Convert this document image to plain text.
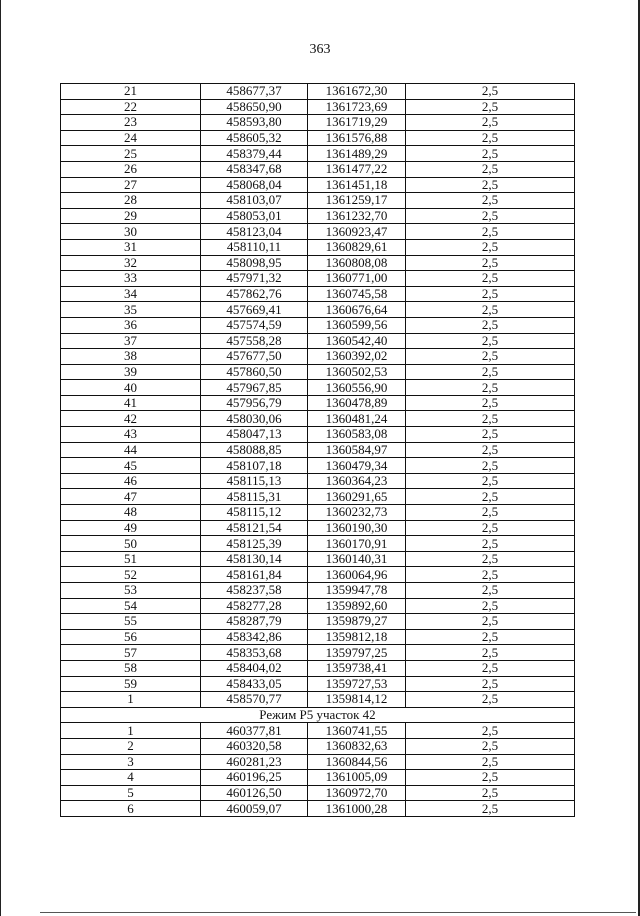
363
21	458677,37	1361672,30	2,5
22	458650,90	1361723,69	2,5
23	458593,80	1361719,29	2,5
24	458605,32	1361576,88	2,5
25	458379,44	1361489,29	2,5
26	458347,68	1361477,22	2,5
27	458068,04	1361451,18	2,5
28	458103,07	1361259,17	2,5
29	458053,01	1361232,70	2,5
30	458123,04	1360923,47	2,5
31	458110,11	1360829,61	2,5
32	458098,95	1360808,08	2,5
33	457971,32	1360771,00	2,5
34	457862,76	1360745,58	2,5
35	457669,41	1360676,64	2,5
36	457574,59	1360599,56	2,5
37	457558,28	1360542,40	2,5
38	457677,50	1360392,02	2,5
39	457860,50	1360502,53	2,5
40	457967,85	1360556,90	2,5
41	457956,79	1360478,89	2,5
42	458030,06	1360481,24	2,5
43	458047,13	1360583,08	2,5
44	458088,85	1360584,97	2,5
45	458107,18	1360479,34	2,5
46	458115,13	1360364,23	2,5
47	458115,31	1360291,65	2,5
48	458115,12	1360232,73	2,5
49	458121,54	1360190,30	2,5
50	458125,39	1360170,91	2,5
51	458130,14	1360140,31	2,5
52	458161,84	1360064,96	2,5
53	458237,58	1359947,78	2,5
54	458277,28	1359892,60	2,5
55	458287,79	1359879,27	2,5
56	458342,86	1359812,18	2,5
57	458353,68	1359797,25	2,5
58	458404,02	1359738,41	2,5
59	458433,05	1359727,53	2,5
1	458570,77	1359814,12	2,5
Режим Р5 участок 42			
1	460377,81	1360741,55	2,5
2	460320,58	1360832,63	2,5
3	460281,23	1360844,56	2,5
4	460196,25	1361005,09	2,5
5	460126,50	1360972,70	2,5
6	460059,07	1361000,28	2,5
